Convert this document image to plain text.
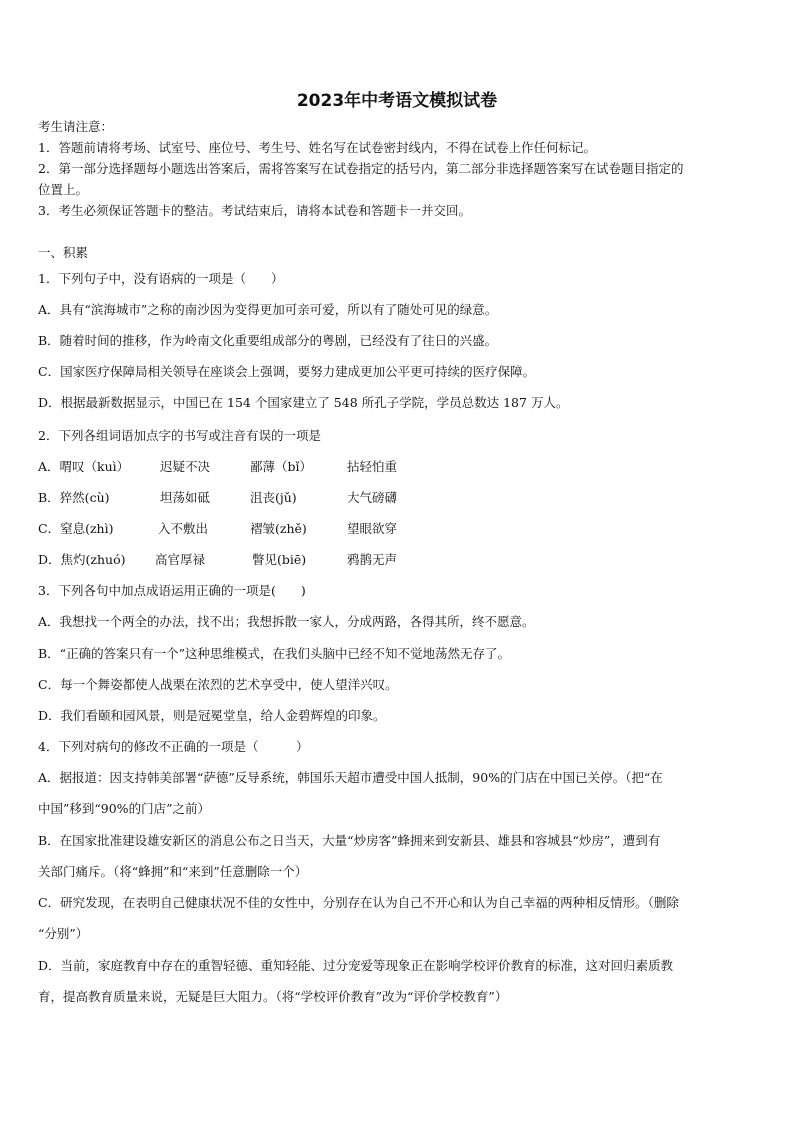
2023年中考语文模拟试卷
考生请注意：
1．答题前请将考场、试室号、座位号、考生号、姓名写在试卷密封线内，不得在试卷上作任何标记。
2．第一部分选择题每小题选出答案后，需将答案写在试卷指定的括号内，第二部分非选择题答案写在试卷题目指定的
位置上。
3．考生必须保证答题卡的整洁。考试结束后，请将本试卷和答题卡一并交回。
一、积累
1．下列句子中，没有语病的一项是（　　）
A．具有“滨海城市”之称的南沙因为变得更加可亲可爱，所以有了随处可见的绿意。
B．随着时间的推移，作为岭南文化重要组成部分的粤剧，已经没有了往日的兴盛。
C．国家医疗保障局相关领导在座谈会上强调，要努力建成更加公平更可持续的医疗保障。
D．根据最新数据显示，中国已在 154 个国家建立了 548 所孔子学院，学员总数达 187 万人。
2．下列各组词语加点字的书写或注音有误的一项是
A．喟叹（kuì） 迟疑不决	鄙薄（bǐ）	拈轻怕重
B．猝然(cù)	坦荡如砥	沮丧(jǔ)	大气磅礴
C．窒息(zhì)	入不敷出	褶皱(zhě)	望眼欲穿
D．焦灼(zhuó) 高官厚禄	瞥见(biē)	鸦鹊无声
3．下列各句中加点成语运用正确的一项是(　　)
A．我想找一个两全的办法，找不出；我想拆散一家人，分成两路，各得其所，终不愿意。
B．“正确的答案只有一个”这种思维模式，在我们头脑中已经不知不觉地荡然无存了。
C．每一个舞姿都使人战栗在浓烈的艺术享受中，使人望洋兴叹。
D．我们看颐和园风景，则是冠冕堂皇，给人金碧辉煌的印象。
4．下列对病句的修改不正确的一项是（　　　）
A．据报道：因支持韩美部署“萨德”反导系统，韩国乐天超市遭受中国人抵制，90%的门店在中国已关停。（把“在
中国”移到“90%的门店”之前）
B．在国家批准建设雄安新区的消息公布之日当天，大量“炒房客”蜂拥来到安新县、雄县和容城县“炒房”，遭到有
关部门痛斥。（将“蜂拥”和“来到”任意删除一个）
C．研究发现，在表明自己健康状况不佳的女性中，分别存在认为自己不开心和认为自己幸福的两种相反情形。（删除
“分别”）
D．当前，家庭教育中存在的重智轻德、重知轻能、过分宠爱等现象正在影响学校评价教育的标准，这对回归素质教
育，提高教育质量来说，无疑是巨大阻力。（将“学校评价教育”改为“评价学校教育”）
